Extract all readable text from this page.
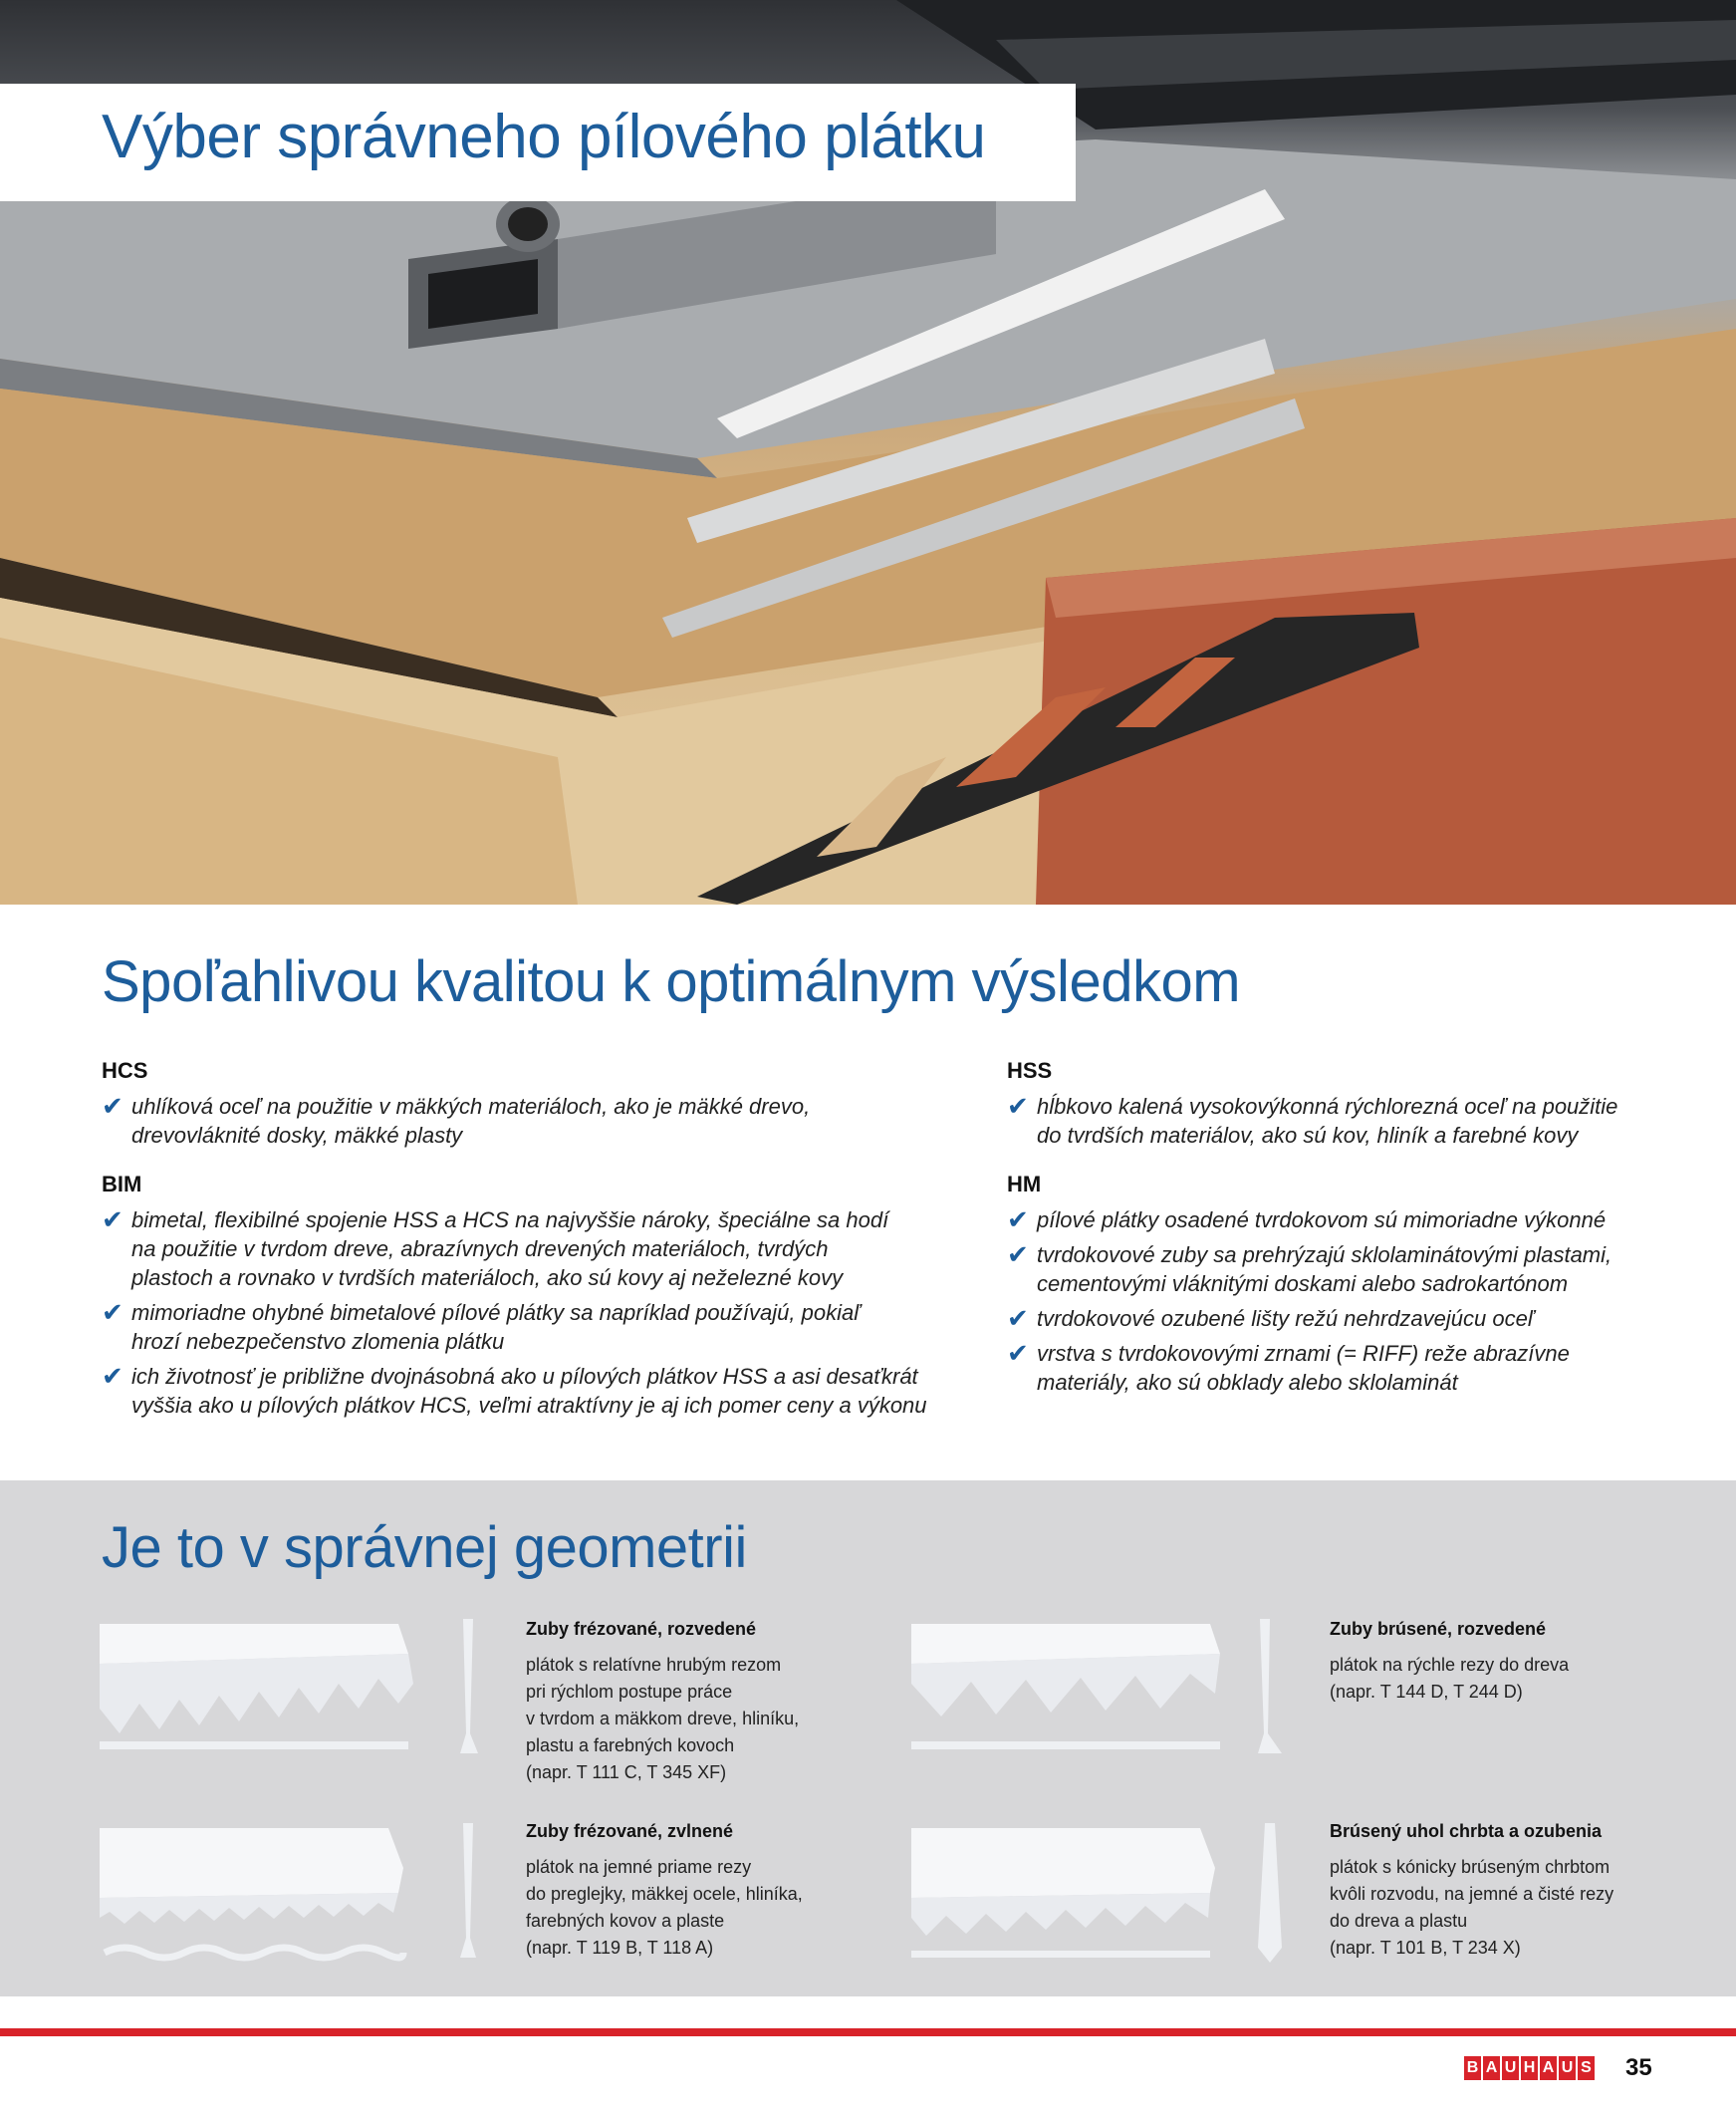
Výber správneho pílového plátku
Spoľahlivou kvalitou k optimálnym výsledkom
HCS
✔ uhlíková oceľ na použitie v mäkkých materiáloch, ako je mäkké drevo,
drevovláknité dosky, mäkké plasty
BIM
✔ bimetal, flexibilné spojenie HSS a HCS na najvyššie nároky, špeciálne sa hodí
na použitie v tvrdom dreve, abrazívnych drevených materiáloch, tvrdých
plastoch a rovnako v tvrdších materiáloch, ako sú kovy aj neželezné kovy
✔ mimoriadne ohybné bimetalové pílové plátky sa napríklad používajú, pokiaľ
hrozí nebezpečenstvo zlomenia plátku
✔ ich životnosť je približne dvojnásobná ako u pílových plátkov HSS a asi desaťkrát
vyššia ako u pílových plátkov HCS, veľmi atraktívny je aj ich pomer ceny a výkonu
HSS
✔ hĺbkovo kalená vysokovýkonná rýchlorezná oceľ na použitie
do tvrdších materiálov, ako sú kov, hliník a farebné kovy
HM
✔ pílové plátky osadené tvrdokovom sú mimoriadne výkonné
✔ tvrdokovové zuby sa prehrýzajú sklolaminátovými plastami,
cementovými vláknitými doskami alebo sadrokartónom
✔ tvrdokovové ozubené lišty režú nehrdzavejúcu oceľ
✔ vrstva s tvrdokovovými zrnami (= RIFF) reže abrazívne
materiály, ako sú obklady alebo sklolaminát
Je to v správnej geometrii
Zuby frézované, rozvedené

plátok s relatívne hrubým rezom
pri rýchlom postupe práce
v tvrdom a mäkkom dreve, hliníku,
plastu a farebných kovoch
(napr. T 111 C, T 345 XF)

Zuby brúsené, rozvedené

plátok na rýchle rezy do dreva
(napr. T 144 D, T 244 D)

Zuby frézované, zvlnené

plátok na jemné priame rezy
do preglejky, mäkkej ocele, hliníka,
farebných kovov a plaste
(napr. T 119 B, T 118 A)

Brúsený uhol chrbta a ozubenia

plátok s kónicky brúseným chrbtom
kvôli rozvodu, na jemné a čisté rezy
do dreva a plastu
(napr. T 101 B, T 234 X)

B A U H A U S 35
